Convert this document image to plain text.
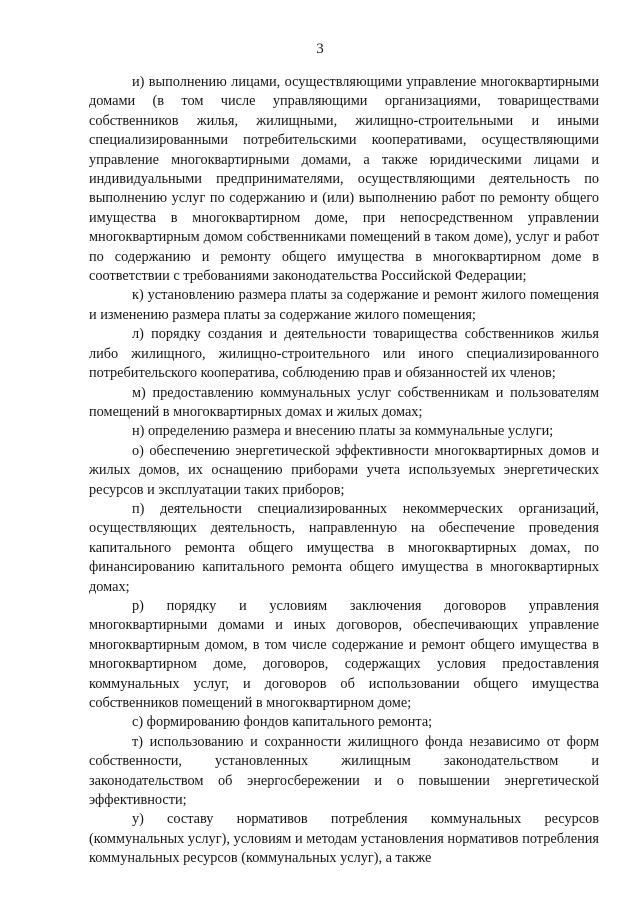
3

и) выполнению лицами, осуществляющими управление многоквартирными домами (в том числе управляющими организациями, товариществами собственников жилья, жилищными, жилищно-строительными и иными специализированными потребительскими кооперативами, осуществляющими управление многоквартирными домами, а также юридическими лицами и индивидуальными предпринимателями, осуществляющими деятельность по выполнению услуг по содержанию и (или) выполнению работ по ремонту общего имущества в многоквартирном доме, при непосредственном управлении многоквартирным домом собственниками помещений в таком доме), услуг и работ по содержанию и ремонту общего имущества в многоквартирном доме в соответствии с требованиями законодательства Российской Федерации;

к) установлению размера платы за содержание и ремонт жилого помещения и изменению размера платы за содержание жилого помещения;

л) порядку создания и деятельности товарищества собственников жилья либо жилищного, жилищно-строительного или иного специализированного потребительского кооператива, соблюдению прав и обязанностей их членов;

м) предоставлению коммунальных услуг собственникам и пользователям помещений в многоквартирных домах и жилых домах;

н) определению размера и внесению платы за коммунальные услуги;

о) обеспечению энергетической эффективности многоквартирных домов и жилых домов, их оснащению приборами учета используемых энергетических ресурсов и эксплуатации таких приборов;

п) деятельности специализированных некоммерческих организаций, осуществляющих деятельность, направленную на обеспечение проведения капитального ремонта общего имущества в многоквартирных домах, по финансированию капитального ремонта общего имущества в многоквартирных домах;

р) порядку и условиям заключения договоров управления многоквартирными домами и иных договоров, обеспечивающих управление многоквартирным домом, в том числе содержание и ремонт общего имущества в многоквартирном доме, договоров, содержащих условия предоставления коммунальных услуг, и договоров об использовании общего имущества собственников помещений в многоквартирном доме;

с) формированию фондов капитального ремонта;

т) использованию и сохранности жилищного фонда независимо от форм собственности, установленных жилищным законодательством и законодательством об энергосбережении и о повышении энергетической эффективности;

у) составу нормативов потребления коммунальных ресурсов (коммунальных услуг), условиям и методам установления нормативов потребления коммунальных ресурсов (коммунальных услуг), а также
